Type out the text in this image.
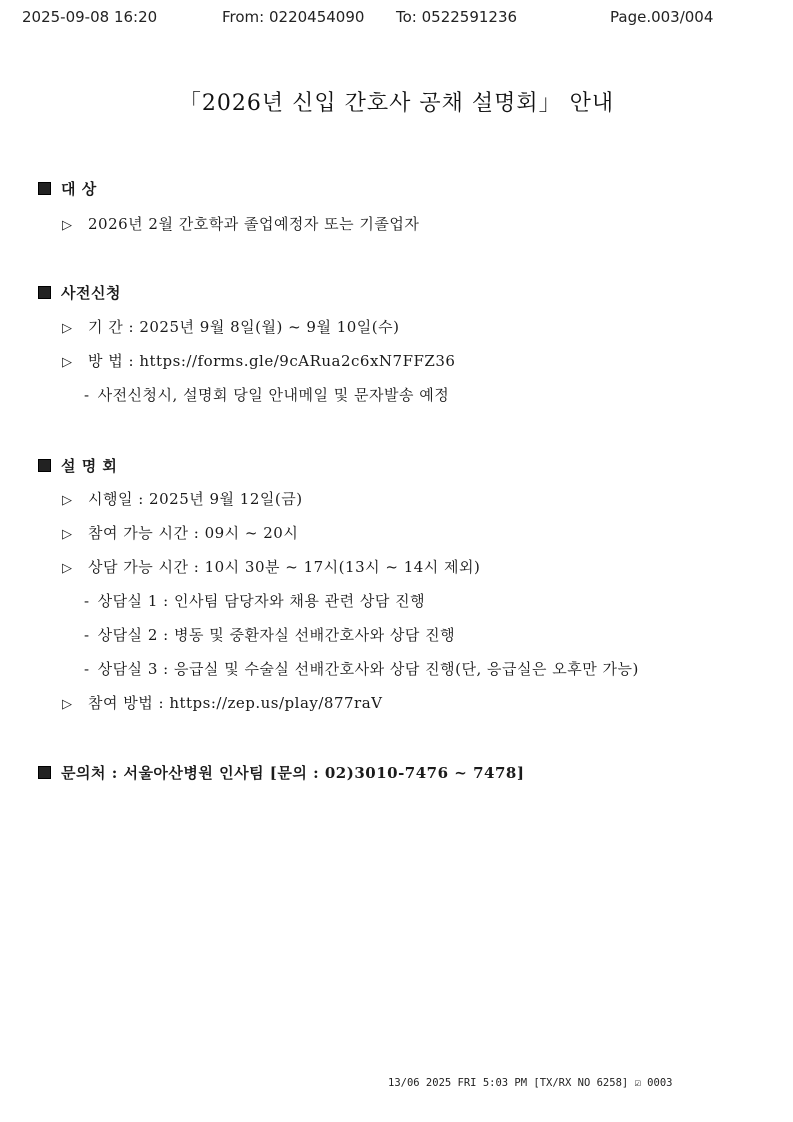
2025-09-08 16:20	From: 0220454090 To: 0522591236	Page.003/004
「2026년 신입 간호사 공채 설명회」 안내
대 상
▷ 2026년 2월 간호학과 졸업예정자 또는 기졸업자
사전신청
▷ 기 간 : 2025년 9월 8일(월) ~ 9월 10일(수)
▷ 방 법 : https://forms.gle/9cARua2c6xN7FFZ36
- 사전신청시, 설명회 당일 안내메일 및 문자발송 예정
설 명 회
▷ 시행일 : 2025년 9월 12일(금)
▷ 참여 가능 시간 : 09시 ~ 20시
▷ 상담 가능 시간 : 10시 30분 ~ 17시(13시 ~ 14시 제외)
- 상담실 1 : 인사팀 담당자와 채용 관련 상담 진행
- 상담실 2 : 병동 및 중환자실 선배간호사와 상담 진행
- 상담실 3 : 응급실 및 수술실 선배간호사와 상담 진행(단, 응급실은 오후만 가능)
▷ 참여 방법 : https://zep.us/play/877raV
문의처 : 서울아산병원 인사팀 [문의 : 02)3010-7476 ~ 7478]
13/06 2025 FRI 5:03 PM [TX/RX NO 6258] ☑ 0003
